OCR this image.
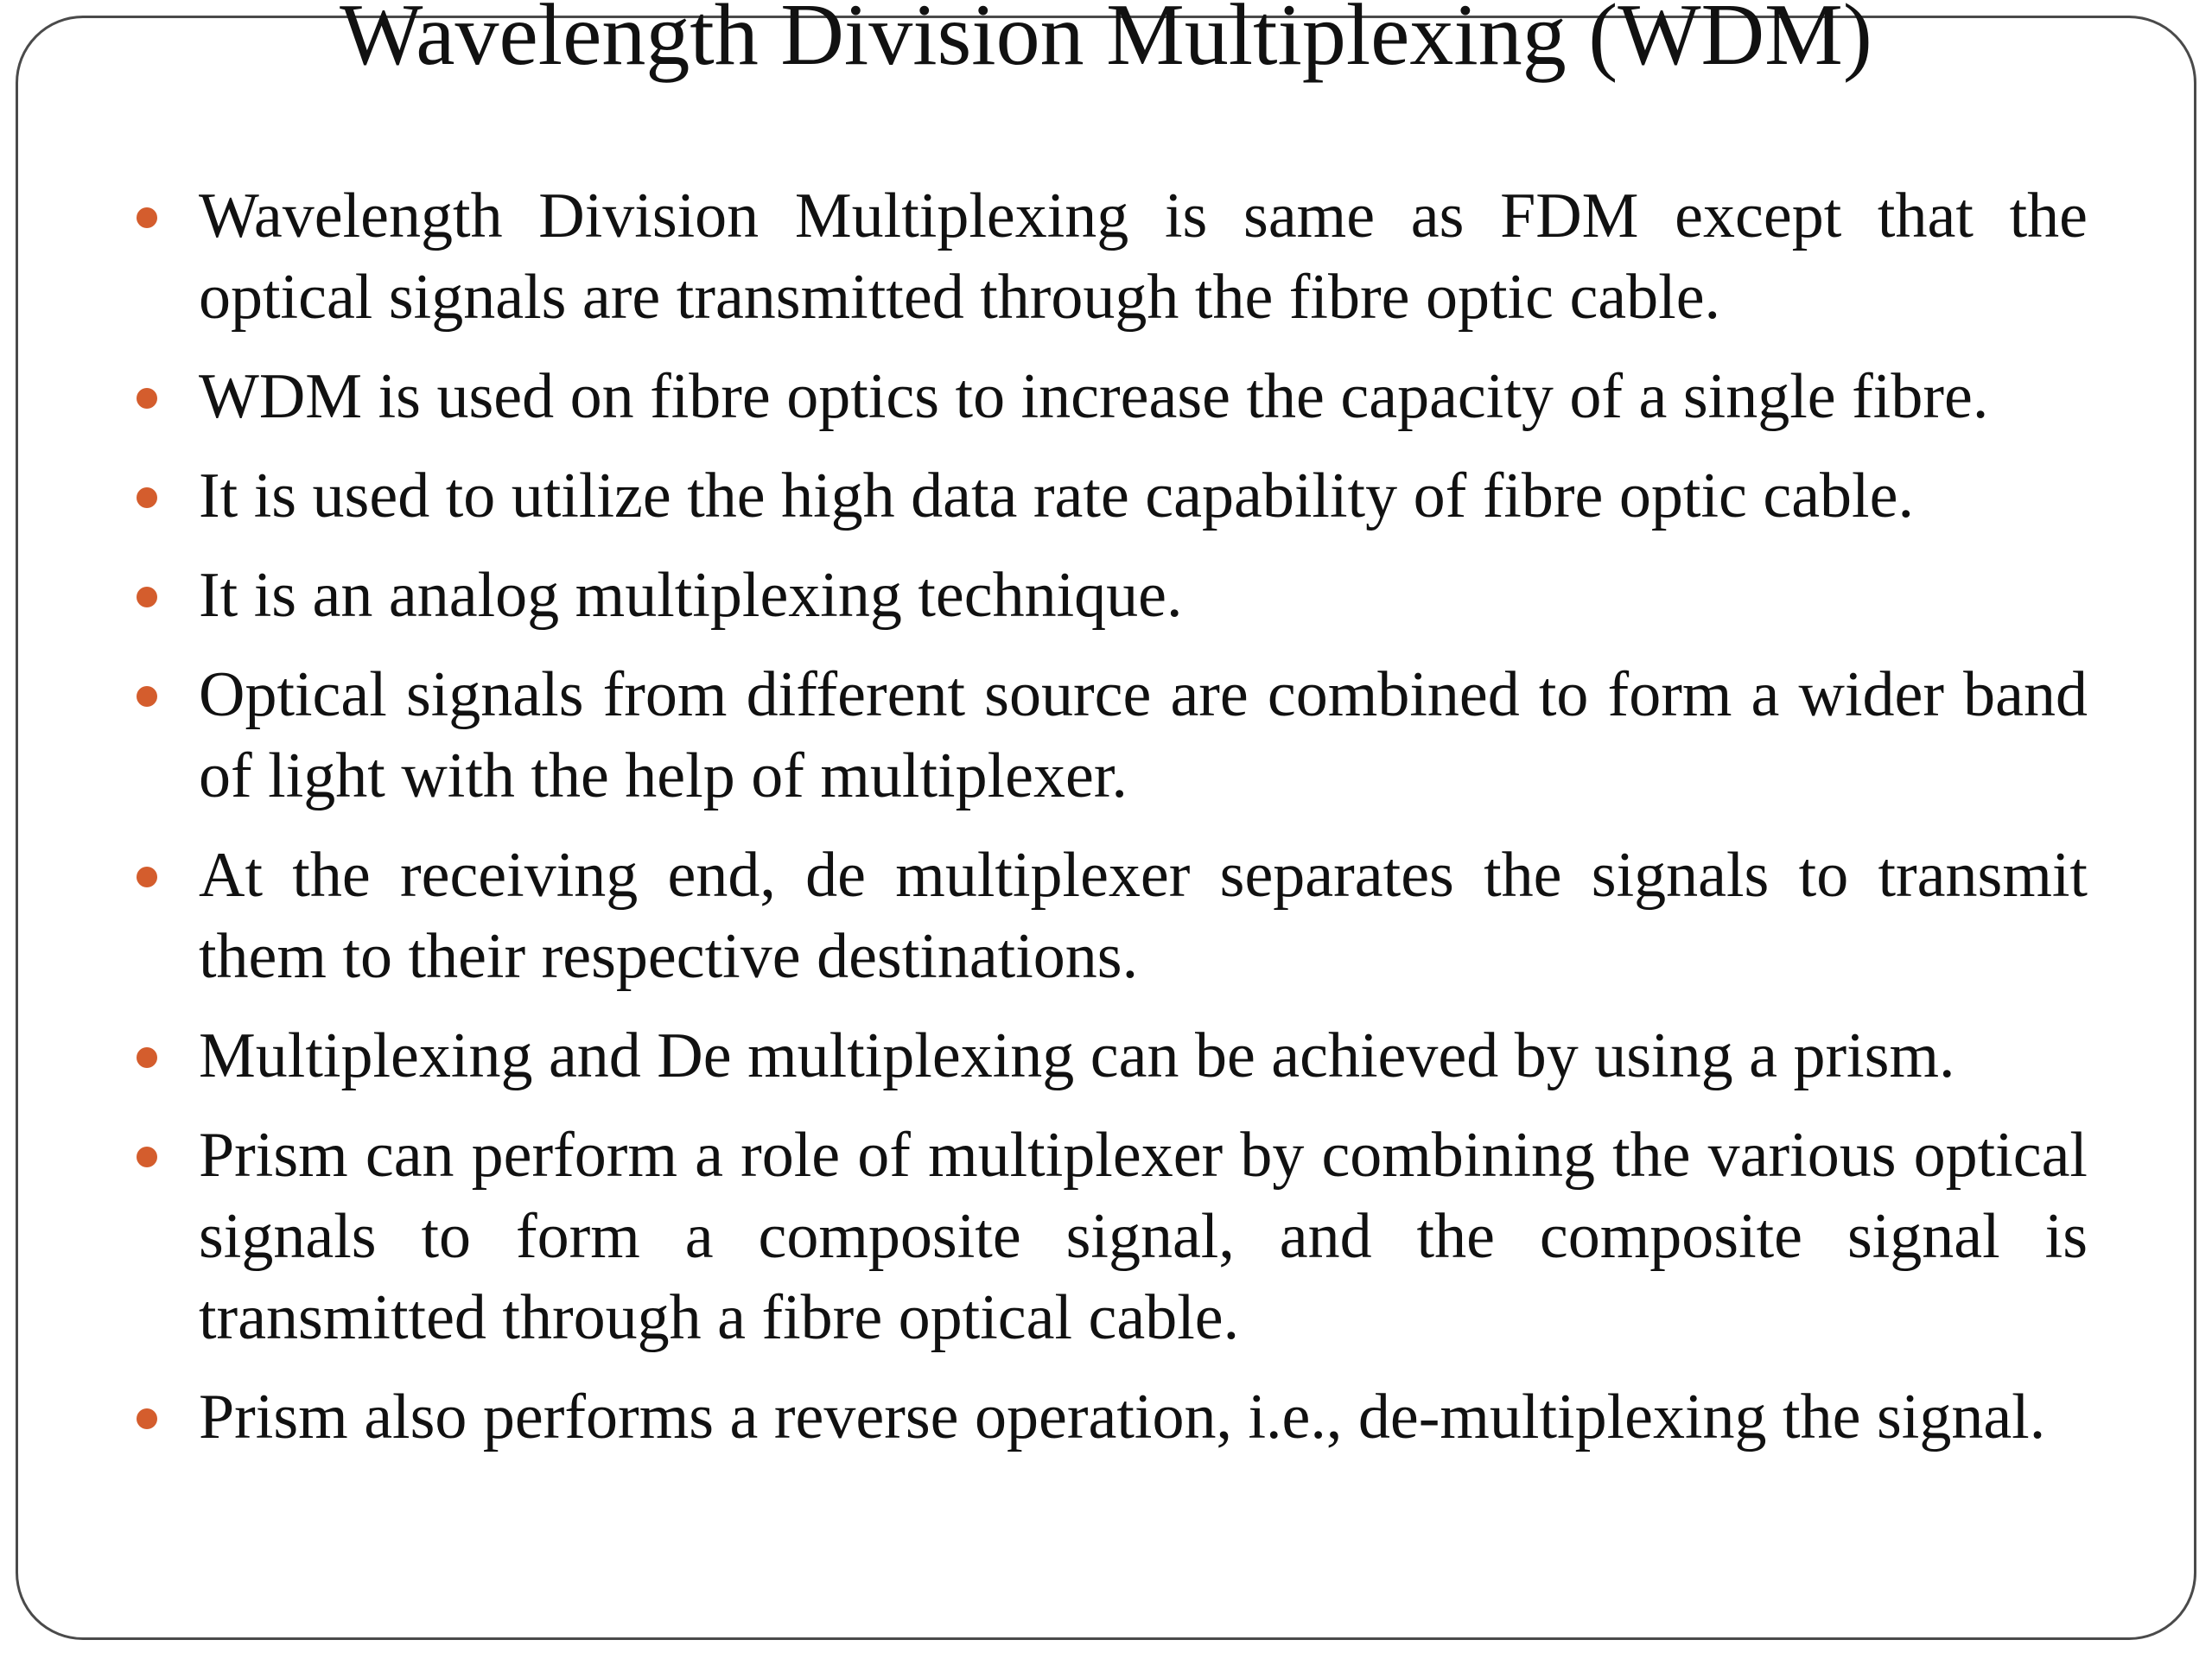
Wavelength Division Multiplexing (WDM)
Wavelength Division Multiplexing is same as FDM except that the optical signals are transmitted through the fibre optic cable.
WDM is used on fibre optics to increase the capacity of a single fibre.
It is used to utilize the high data rate capability of fibre optic cable.
It is an analog multiplexing technique.
Optical signals from different source are combined to form a wider band of light with the help of multiplexer.
At the receiving end, de multiplexer separates the signals to transmit them to their respective destinations.
Multiplexing and De multiplexing can be achieved by using a prism.
Prism can perform a role of multiplexer by combining the various optical signals to form a composite signal, and the composite signal is transmitted through a fibre optical cable.
Prism also performs a reverse operation, i.e., de-multiplexing the signal.
